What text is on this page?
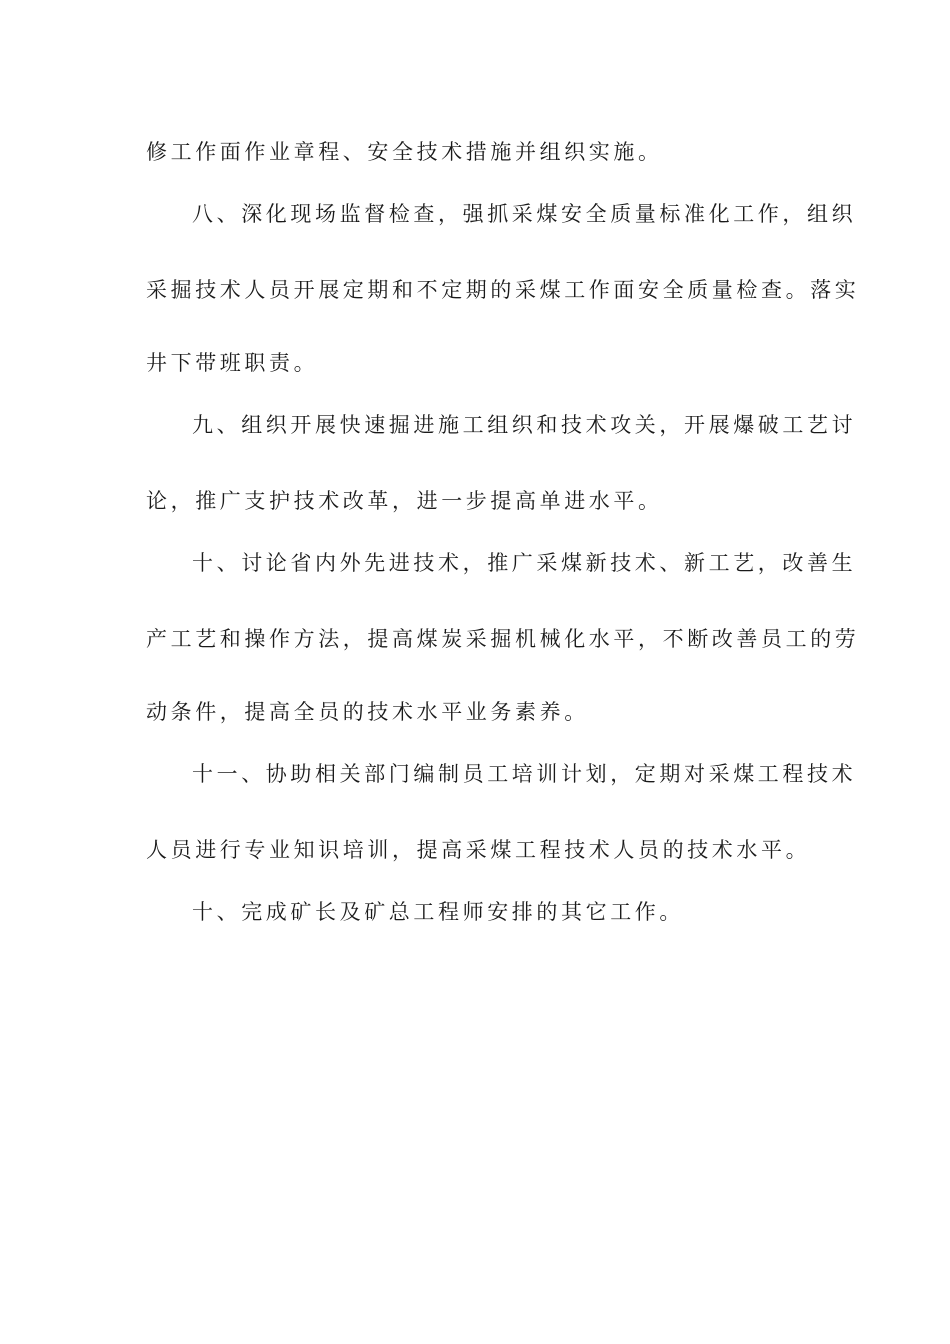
修工作面作业章程、安全技术措施并组织实施。
八、深化现场监督检查，强抓采煤安全质量标准化工作，组织
采掘技术人员开展定期和不定期的采煤工作面安全质量检查。落实
井下带班职责。
九、组织开展快速掘进施工组织和技术攻关，开展爆破工艺讨
论，推广支护技术改革，进一步提高单进水平。
十、讨论省内外先进技术，推广采煤新技术、新工艺，改善生
产工艺和操作方法，提高煤炭采掘机械化水平，不断改善员工的劳
动条件，提高全员的技术水平业务素养。
十一、协助相关部门编制员工培训计划，定期对采煤工程技术
人员进行专业知识培训，提高采煤工程技术人员的技术水平。
十、完成矿长及矿总工程师安排的其它工作。
